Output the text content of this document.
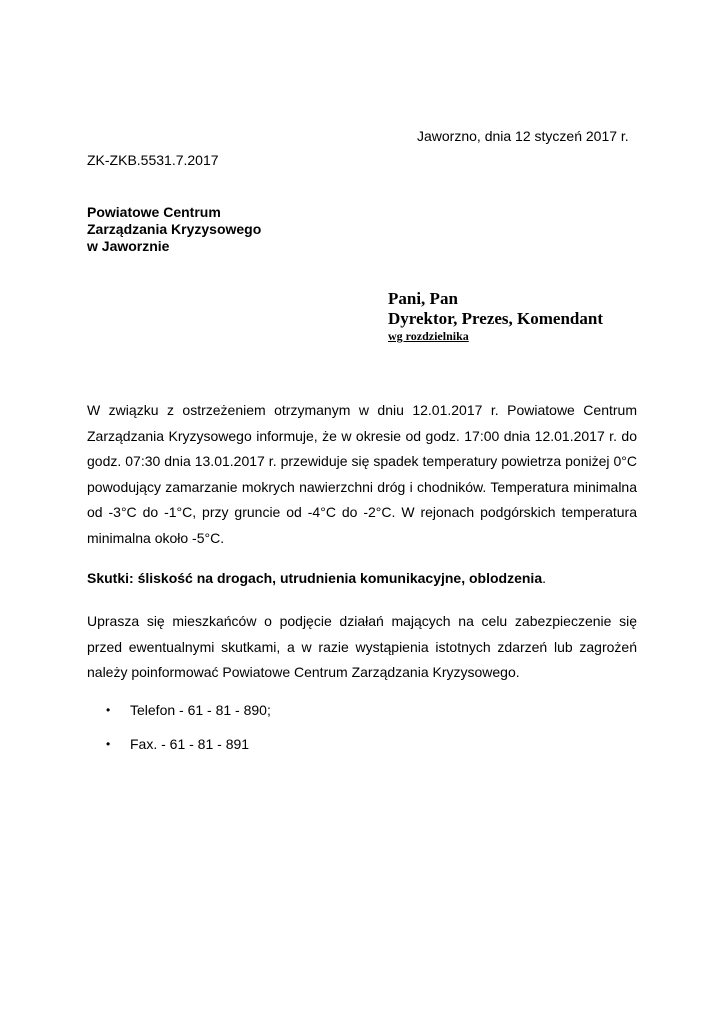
Jaworzno, dnia 12 styczeń 2017 r.
ZK-ZKB.5531.7.2017
Powiatowe Centrum
Zarządzania Kryzysowego
w Jaworznie
Pani, Pan
Dyrektor, Prezes, Komendant
wg rozdzielnika
W związku z ostrzeżeniem otrzymanym w dniu 12.01.2017 r. Powiatowe Centrum Zarządzania Kryzysowego informuje, że w okresie od godz. 17:00 dnia 12.01.2017 r. do godz. 07:30 dnia 13.01.2017 r. przewiduje się spadek temperatury powietrza poniżej 0°C powodujący zamarzanie mokrych nawierzchni dróg i chodników. Temperatura minimalna od -3°C do -1°C, przy gruncie od -4°C do -2°C. W rejonach podgórskich temperatura minimalna około -5°C.
Skutki: śliskość na drogach, utrudnienia komunikacyjne, oblodzenia.
Uprasza się mieszkańców o podjęcie działań mających na celu zabezpieczenie się przed ewentualnymi skutkami, a w razie wystąpienia istotnych zdarzeń lub zagrożeń należy poinformować Powiatowe Centrum Zarządzania Kryzysowego.
• Telefon - 61 - 81 - 890;
• Fax. - 61 - 81 - 891
